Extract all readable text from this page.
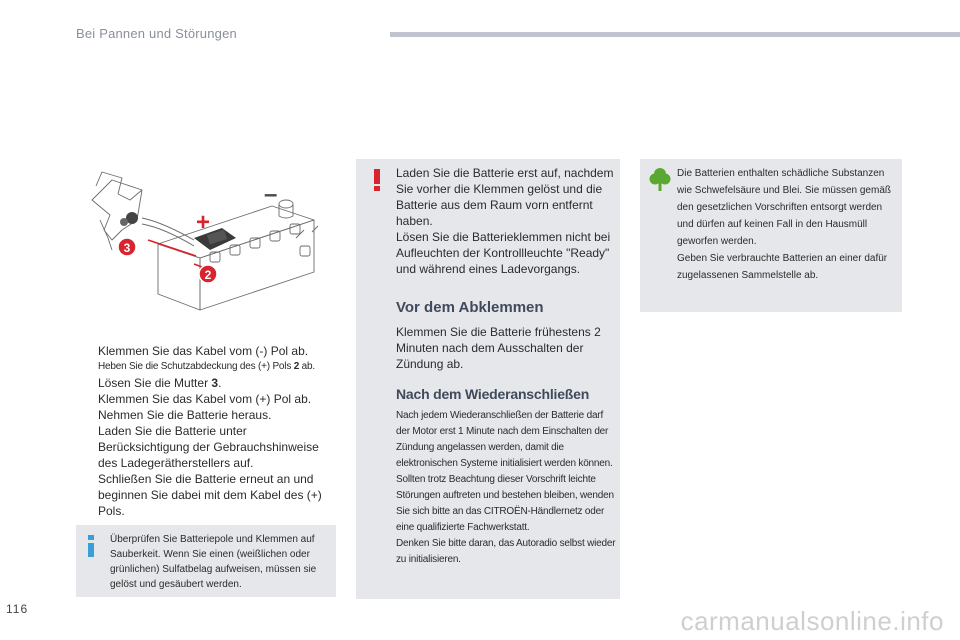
Bei Pannen und Störungen
+
–
3
2
Klemmen Sie das Kabel vom (-) Pol ab.
Heben Sie die Schutzabdeckung des (+) Pols 2 ab.
Lösen Sie die Mutter 3.
Klemmen Sie das Kabel vom (+) Pol ab.
Nehmen Sie die Batterie heraus.
Laden Sie die Batterie unter Berücksichtigung der Gebrauchshinweise des Ladegerätherstellers auf.
Schließen Sie die Batterie erneut an und beginnen Sie dabei mit dem Kabel des (+) Pols.
Überprüfen Sie Batteriepole und Klemmen auf Sauberkeit. Wenn Sie einen (weißlichen oder grünlichen) Sulfatbelag aufweisen, müssen sie gelöst und gesäubert werden.
Laden Sie die Batterie erst auf, nachdem Sie vorher die Klemmen gelöst und die Batterie aus dem Raum vorn entfernt haben.
Lösen Sie die Batterieklemmen nicht bei Aufleuchten der Kontrollleuchte "Ready" und während eines Ladevorgangs.
Vor dem Abklemmen
Klemmen Sie die Batterie frühestens 2 Minuten nach dem Ausschalten der Zündung ab.
Nach dem Wiederanschließen
Nach jedem Wiederanschließen der Batterie darf der Motor erst 1 Minute nach dem Einschalten der Zündung angelassen werden, damit die elektronischen Systeme initialisiert werden können. Sollten trotz Beachtung dieser Vorschrift leichte Störungen auftreten und bestehen bleiben, wenden Sie sich bitte an das CITROËN-Händlernetz oder eine qualifizierte Fachwerkstatt.
Denken Sie bitte daran, das Autoradio selbst wieder zu initialisieren.
Die Batterien enthalten schädliche Substanzen wie Schwefelsäure und Blei. Sie müssen gemäß den gesetzlichen Vorschriften entsorgt werden und dürfen auf keinen Fall in den Hausmüll geworfen werden.
Geben Sie verbrauchte Batterien an einer dafür zugelassenen Sammelstelle ab.
116	carmanualsonline.info
